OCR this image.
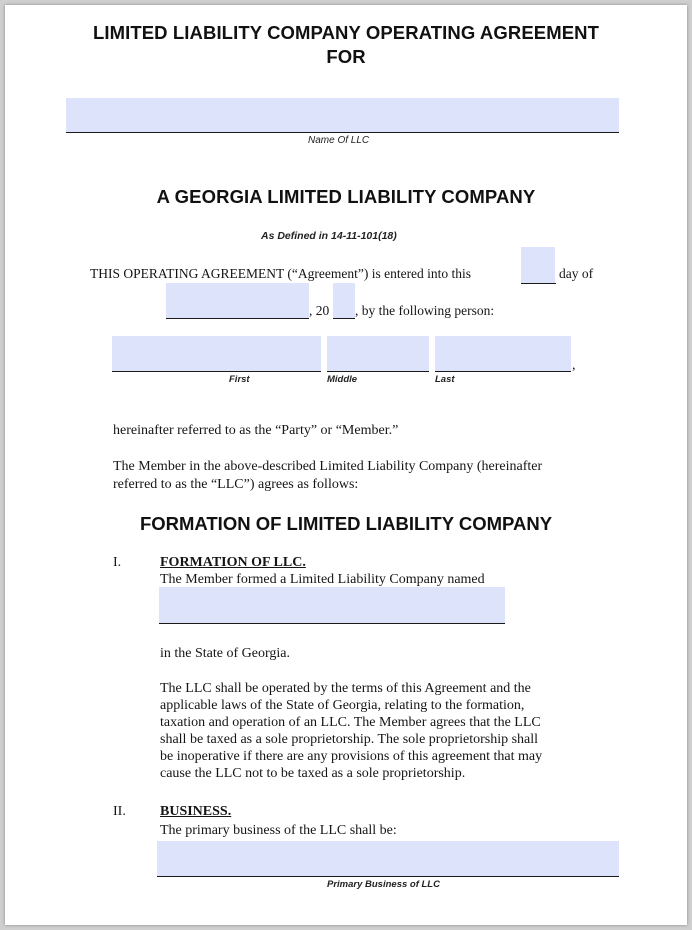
LIMITED LIABILITY COMPANY OPERATING AGREEMENT
FOR
Name Of LLC
A GEORGIA LIMITED LIABILITY COMPANY
As Defined in 14-11-101(18)
THIS OPERATING AGREEMENT (“Agreement”) is entered into this	day of
, 20 , by the following person:
,
First	Middle	Last
hereinafter referred to as the “Party” or “Member.”
The Member in the above-described Limited Liability Company (hereinafter
referred to as the “LLC”) agrees as follows:
FORMATION OF LIMITED LIABILITY COMPANY
I.	FORMATION OF LLC.
The Member formed a Limited Liability Company named
in the State of Georgia.
The LLC shall be operated by the terms of this Agreement and the
applicable laws of the State of Georgia, relating to the formation,
taxation and operation of an LLC. The Member agrees that the LLC
shall be taxed as a sole proprietorship. The sole proprietorship shall
be inoperative if there are any provisions of this agreement that may
cause the LLC not to be taxed as a sole proprietorship.
II. BUSINESS.
The primary business of the LLC shall be:
Primary Business of LLC
